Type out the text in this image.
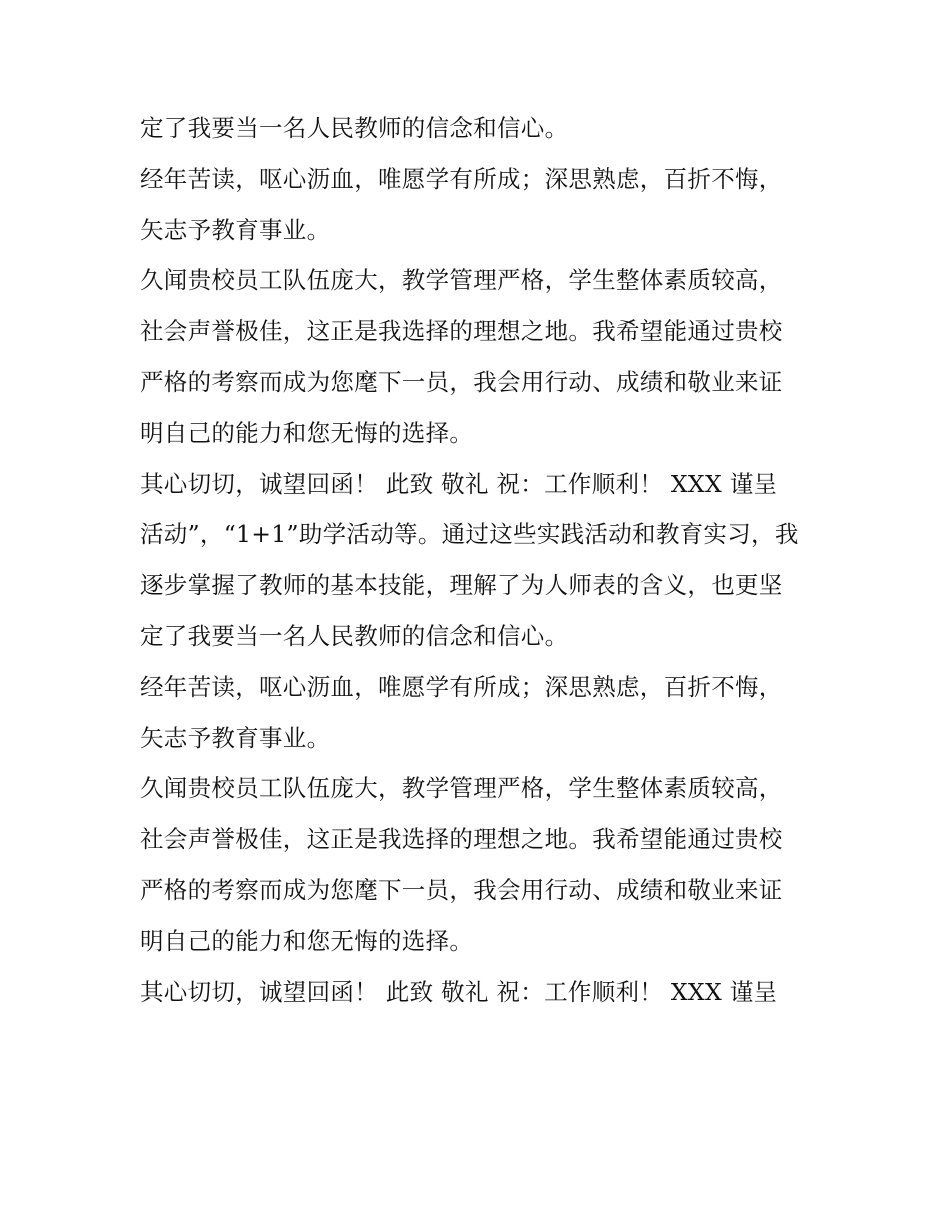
定了我要当一名人民教师的信念和信心。
经年苦读，呕心沥血，唯愿学有所成；深思熟虑，百折不悔，
矢志予教育事业。
久闻贵校员工队伍庞大，教学管理严格，学生整体素质较高，
社会声誉极佳，这正是我选择的理想之地。我希望能通过贵校
严格的考察而成为您麾下一员，我会用行动、成绩和敬业来证
明自己的能力和您无悔的选择。
其心切切，诚望回函！ 此致 敬礼 祝：工作顺利！ XXX 谨呈
活动”，“1+1”助学活动等。通过这些实践活动和教育实习，我
逐步掌握了教师的基本技能，理解了为人师表的含义，也更坚
定了我要当一名人民教师的信念和信心。
经年苦读，呕心沥血，唯愿学有所成；深思熟虑，百折不悔，
矢志予教育事业。
久闻贵校员工队伍庞大，教学管理严格，学生整体素质较高，
社会声誉极佳，这正是我选择的理想之地。我希望能通过贵校
严格的考察而成为您麾下一员，我会用行动、成绩和敬业来证
明自己的能力和您无悔的选择。
其心切切，诚望回函！ 此致 敬礼 祝：工作顺利！ XXX 谨呈
